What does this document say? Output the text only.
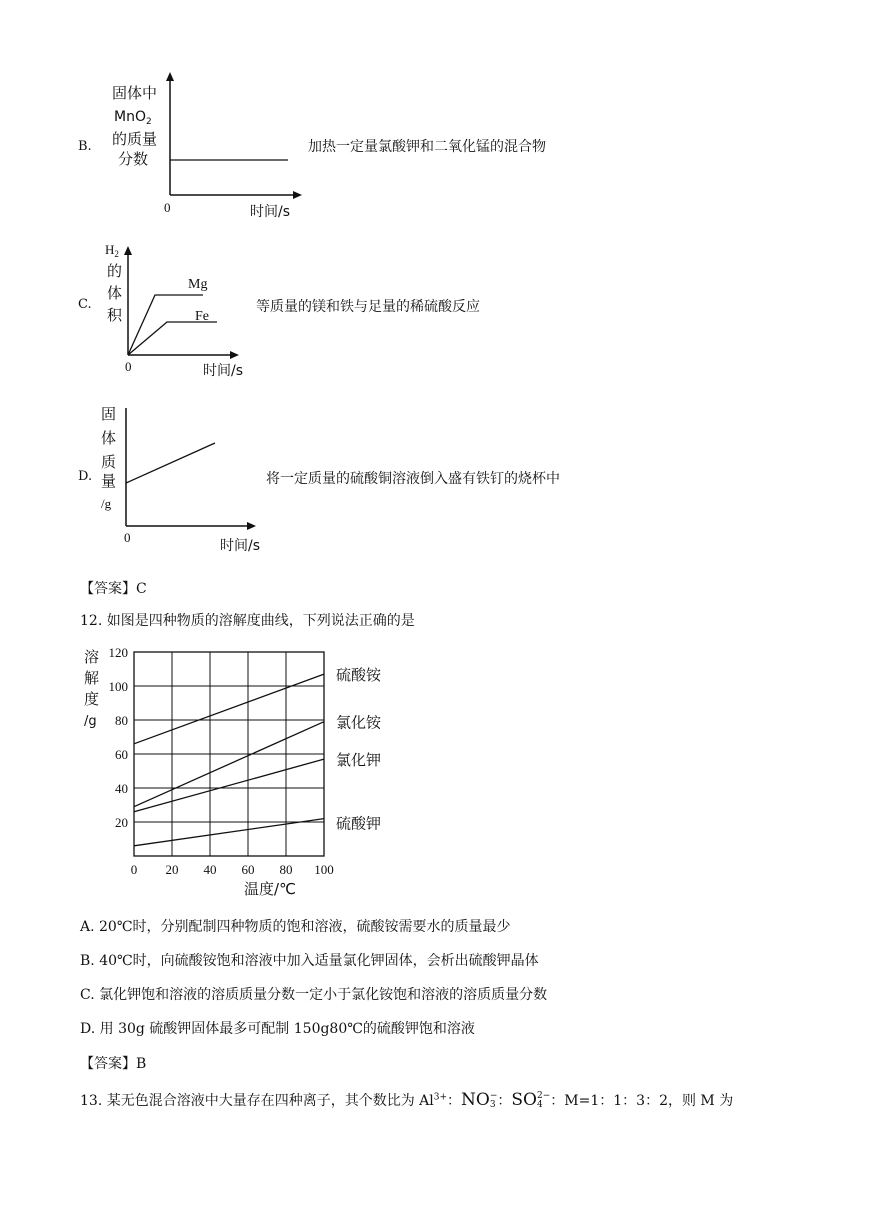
B.
固体中
MnO$_2$
的质量
分数
0	时间/s
加热一定量氯酸钾和二氧化锰的混合物
C.
$H_2$
的
体
积
Mg
Fe
0	时间/s
等质量的镁和铁与足量的稀硫酸反应
D.
固
体
质
量
/g
0
时间/s
将一定质量的硫酸铜溶液倒入盛有铁钉的烧杯中
【答案】C
12. 如图是四种物质的溶解度曲线，下列说法正确的是
0 20 40 60 80 100
20
40
60
80
100
120
硫酸铵
氯化铵
氯化钾
硫酸钾
溶
解
度
/g
温度/℃
A. 20℃时，分别配制四种物质的饱和溶液，硫酸铵需要水的质量最少
B. 40℃时，向硫酸铵饱和溶液中加入适量氯化钾固体，会析出硫酸钾晶体
C. 氯化钾饱和溶液的溶质质量分数一定小于氯化铵饱和溶液的溶质质量分数
D. 用 30g 硫酸钾固体最多可配制 150g80℃的硫酸钾饱和溶液
【答案】B
13. 某无色混合溶液中大量存在四种离子，其个数比为 $Al^{3+}$：NO −
3 ：SO 2−
4 ：M=1：1：3：2，则 M 为
